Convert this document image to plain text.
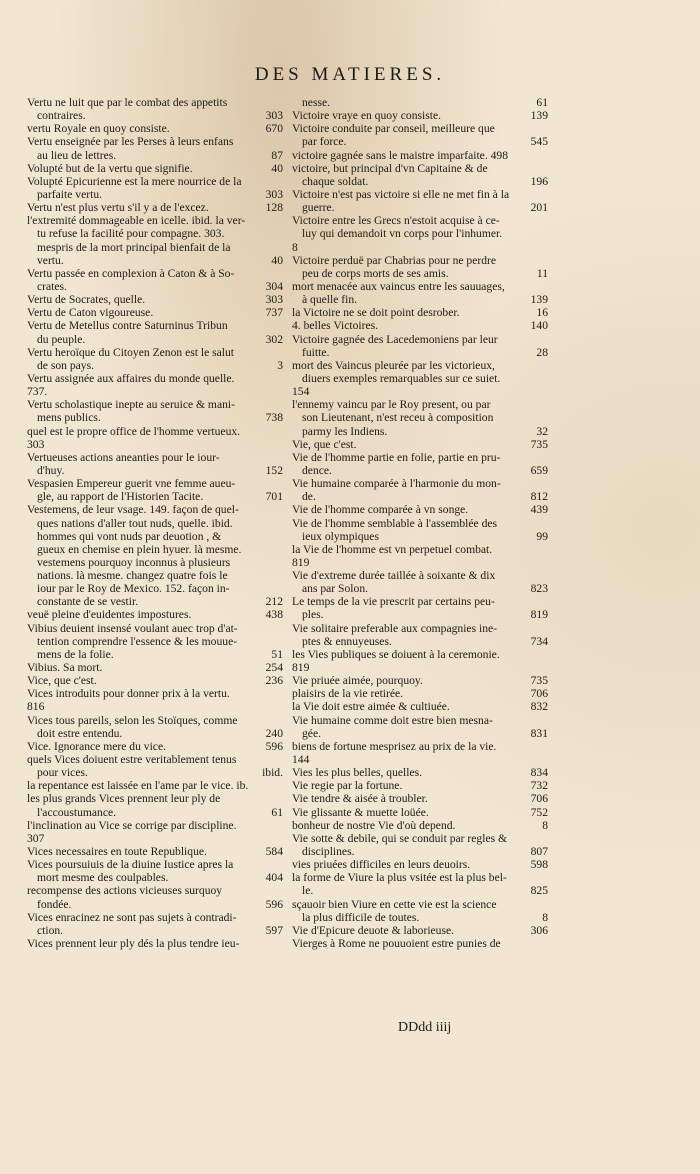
DES MATIERES.
Vertu ne luit que par le combat des appetits
303
contraires.
670
vertu Royale en quoy consiste.
Vertu enseignée par les Perses à leurs enfans
87
au lieu de lettres.
40
Volupté but de la vertu que signifie.
Volupté Epicurienne est la mere nourrice de la
303
parfaite vertu.
128
Vertu n'est plus vertu s'il y a de l'excez.
l'extremité dommageable en icelle. ibid. la ver-
tu refuse la facilité pour compagne. 303.
mespris de la mort principal bienfait de la
40
vertu.
Vertu passée en complexion à Caton & à So-
304
crates.
303
Vertu de Socrates, quelle.
737
Vertu de Caton vigoureuse.
Vertu de Metellus contre Saturninus Tribun
302
du peuple.
Vertu heroïque du Citoyen Zenon est le salut
3
de son pays.
Vertu assignée aux affaires du monde quelle.
737.
Vertu scholastique inepte au seruice & mani-
738
mens publics.
quel est le propre office de l'homme vertueux.
303
Vertueuses actions aneanties pour le iour-
152
d'huy.
Vespasien Empereur guerit vne femme aueu-
701
gle, au rapport de l'Historien Tacite.
Vestemens, de leur vsage. 149. façon de quel-
ques nations d'aller tout nuds, quelle. ibid.
hommes qui vont nuds par deuotion , &
gueux en chemise en plein hyuer. là mesme.
vestemens pourquoy inconnus à plusieurs
nations. là mesme. changez quatre fois le
iour par le Roy de Mexico. 152. façon in-
212
constante de se vestir.
438
veuë pleine d'euidentes impostures.
Vibius deuient insensé voulant auec trop d'at-
tention comprendre l'essence & les mouue-
51
mens de la folie.
254
Vibius. Sa mort.
236
Vice, que c'est.
Vices introduits pour donner prix à la vertu.
816
Vices tous pareils, selon les Stoïques, comme
240
doit estre entendu.
596
Vice. Ignorance mere du vice.
quels Vices doiuent estre veritablement tenus
ibid.
pour vices.
la repentance est laissée en l'ame par le vice. ib.
les plus grands Vices prennent leur ply de
61
l'accoustumance.
l'inclination au Vice se corrige par discipline.
307
584
Vices necessaires en toute Republique.
Vices poursuiuis de la diuine Iustice apres la
404
mort mesme des coulpables.
recompense des actions vicieuses surquoy
596
fondée.
Vices enracinez ne sont pas sujets à contradi-
597
ction.
Vices prennent leur ply dés la plus tendre ieu-
61
nesse.
139
Victoire vraye en quoy consiste.
Victoire conduite par conseil, meilleure que
545
par force.
victoire gagnée sans le maistre imparfaite. 498
victoire, but principal d'vn Capitaine & de
196
chaque soldat.
Victoire n'est pas victoire si elle ne met fin à la
201
guerre.
Victoire entre les Grecs n'estoit acquise à ce-
luy qui demandoit vn corps pour l'inhumer.
8
Victoire perduë par Chabrias pour ne perdre
11
peu de corps morts de ses amis.
mort menacée aux vaincus entre les sauuages,
139
à quelle fin.
16
la Victoire ne se doit point desrober.
140
4. belles Victoires.
Victoire gagnée des Lacedemoniens par leur
28
fuitte.
mort des Vaincus pleurée par les victorieux,
diuers exemples remarquables sur ce suiet.
154
l'ennemy vaincu par le Roy present, ou par
son Lieutenant, n'est receu à composition
32
parmy les Indiens.
735
Vie, que c'est.
Vie de l'homme partie en folie, partie en pru-
659
dence.
Vie humaine comparée à l'harmonie du mon-
812
de.
439
Vie de l'homme comparée à vn songe.
Vie de l'homme semblable à l'assemblée des
99
ieux olympiques
la Vie de l'homme est vn perpetuel combat.
819
Vie d'extreme durée taillée à soixante & dix
823
ans par Solon.
Le temps de la vie prescrit par certains peu-
819
ples.
Vie solitaire preferable aux compagnies ine-
734
ptes & ennuyeuses.
les Vies publiques se doiuent à la ceremonie.
819
735
Vie priuée aimée, pourquoy.
706
plaisirs de la vie retirée.
832
la Vie doit estre aimée & cultiuée.
Vie humaine comme doit estre bien mesna-
831
gée.
biens de fortune mesprisez au prix de la vie.
144
834
Vies les plus belles, quelles.
732
Vie regie par la fortune.
706
Vie tendre & aisée à troubler.
752
Vie glissante & muette loüée.
8
bonheur de nostre Vie d'où depend.
Vie sotte & debile, qui se conduit par regles &
807
disciplines.
598
vies priuées difficiles en leurs deuoirs.
la forme de Viure la plus vsitée est la plus bel-
825
le.
sçauoir bien Viure en cette vie est la science
8
la plus difficile de toutes.
306
Vie d'Epicure deuote & laborieuse.
Vierges à Rome ne pouuoient estre punies de
DDdd iiij
